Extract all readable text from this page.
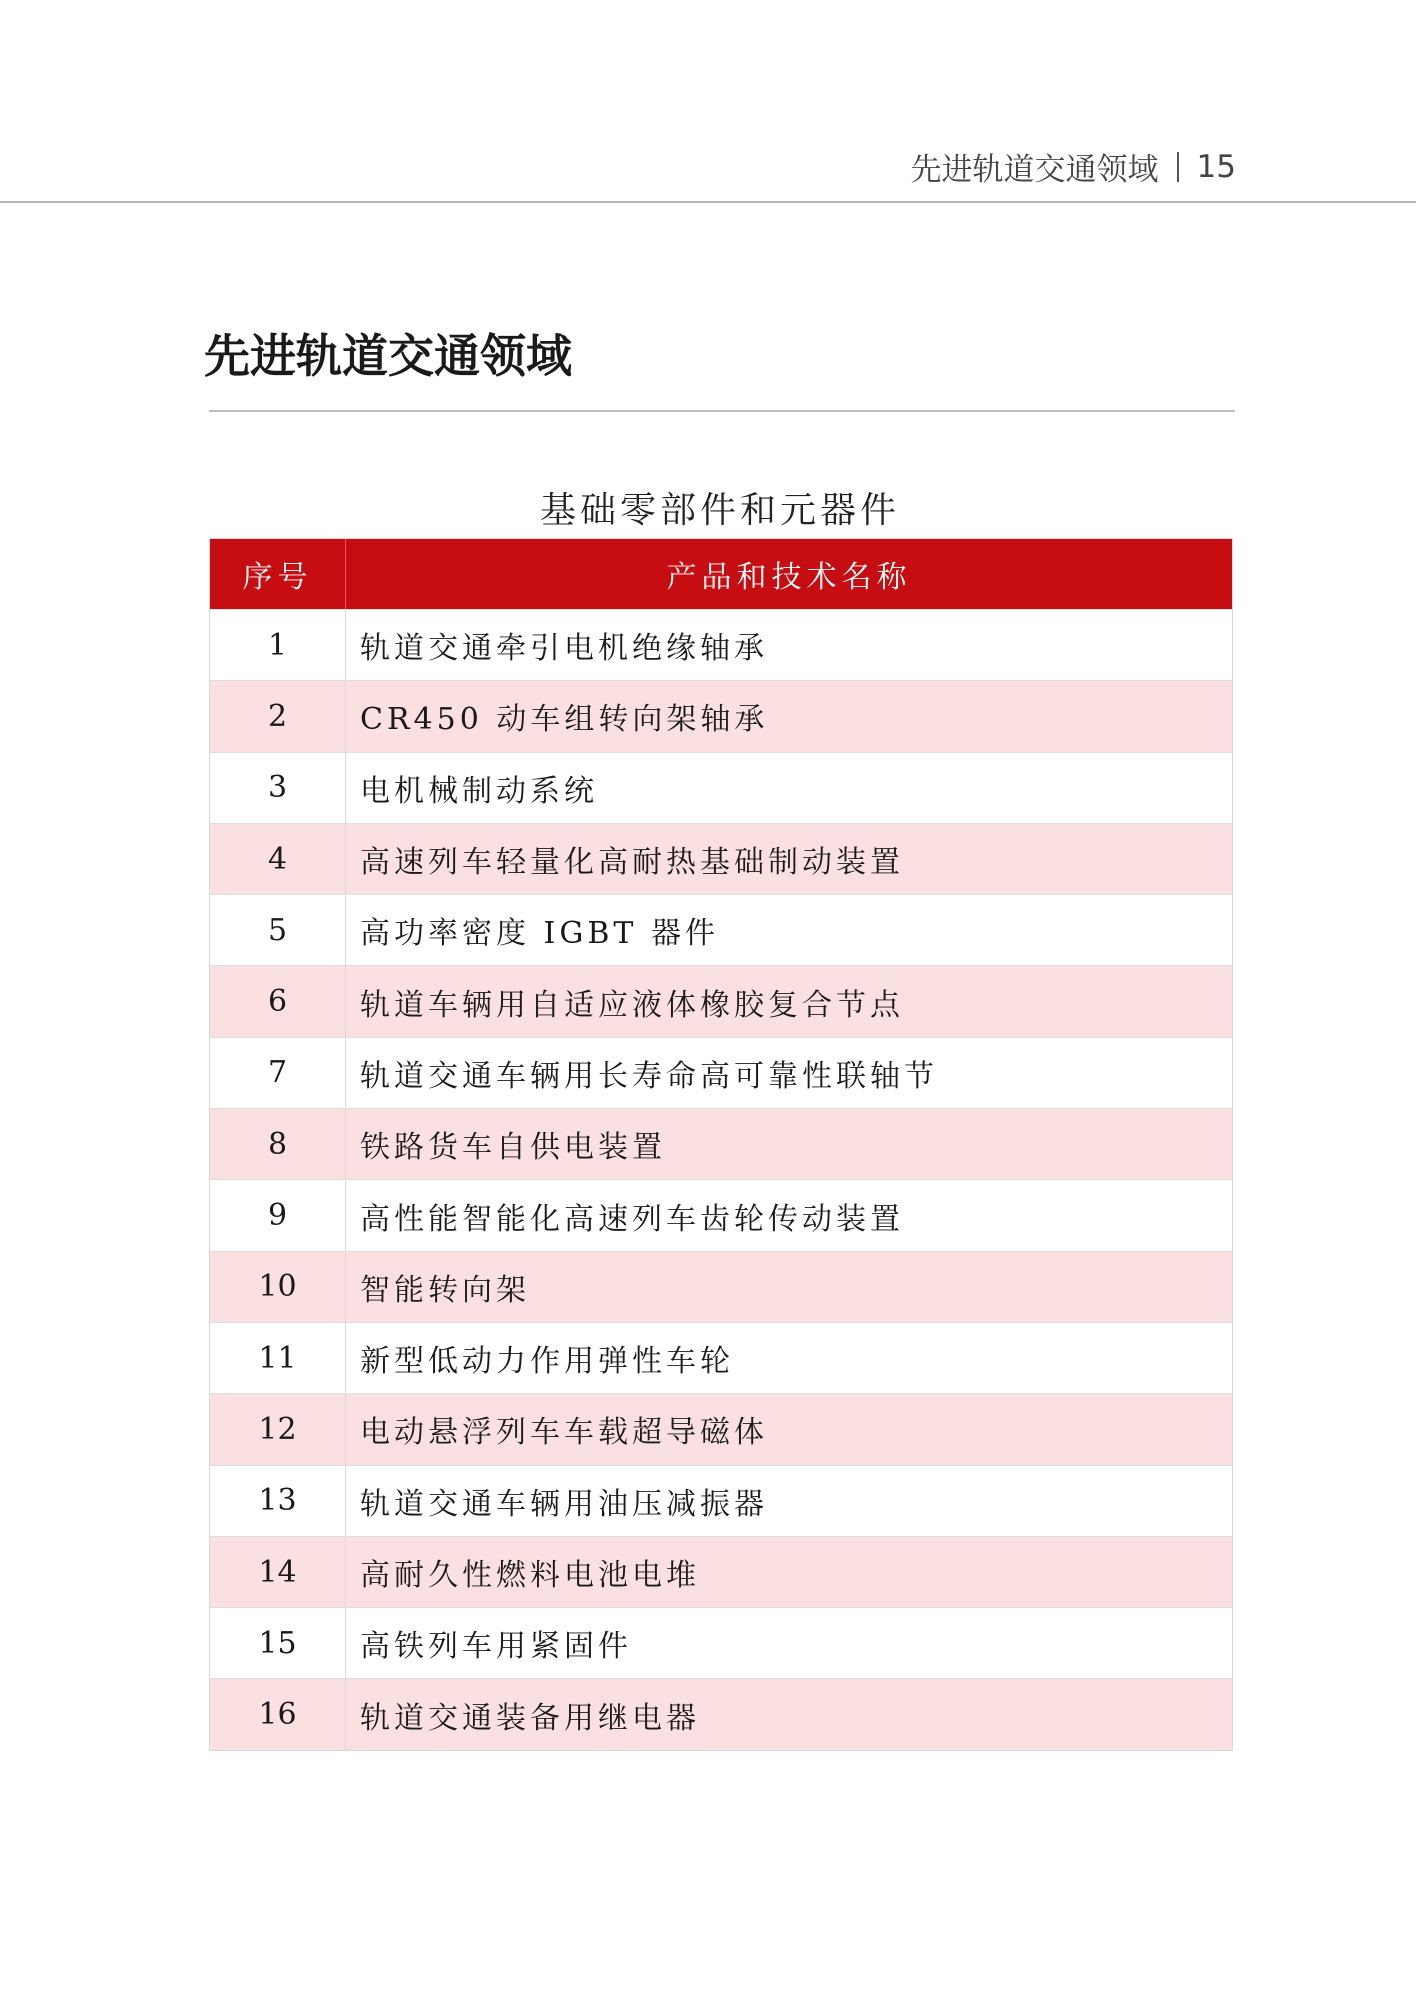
先进轨道交通领域 15
先进轨道交通领域
基础零部件和元器件
序号	产品和技术名称
1	轨道交通牵引电机绝缘轴承
2	CR450 动车组转向架轴承
3	电机械制动系统
4	高速列车轻量化高耐热基础制动装置
5	高功率密度 IGBT 器件
6	轨道车辆用自适应液体橡胶复合节点
7	轨道交通车辆用长寿命高可靠性联轴节
8	铁路货车自供电装置
9	高性能智能化高速列车齿轮传动装置
10	智能转向架
11	新型低动力作用弹性车轮
12	电动悬浮列车车载超导磁体
13	轨道交通车辆用油压减振器
14	高耐久性燃料电池电堆
15	高铁列车用紧固件
16	轨道交通装备用继电器
